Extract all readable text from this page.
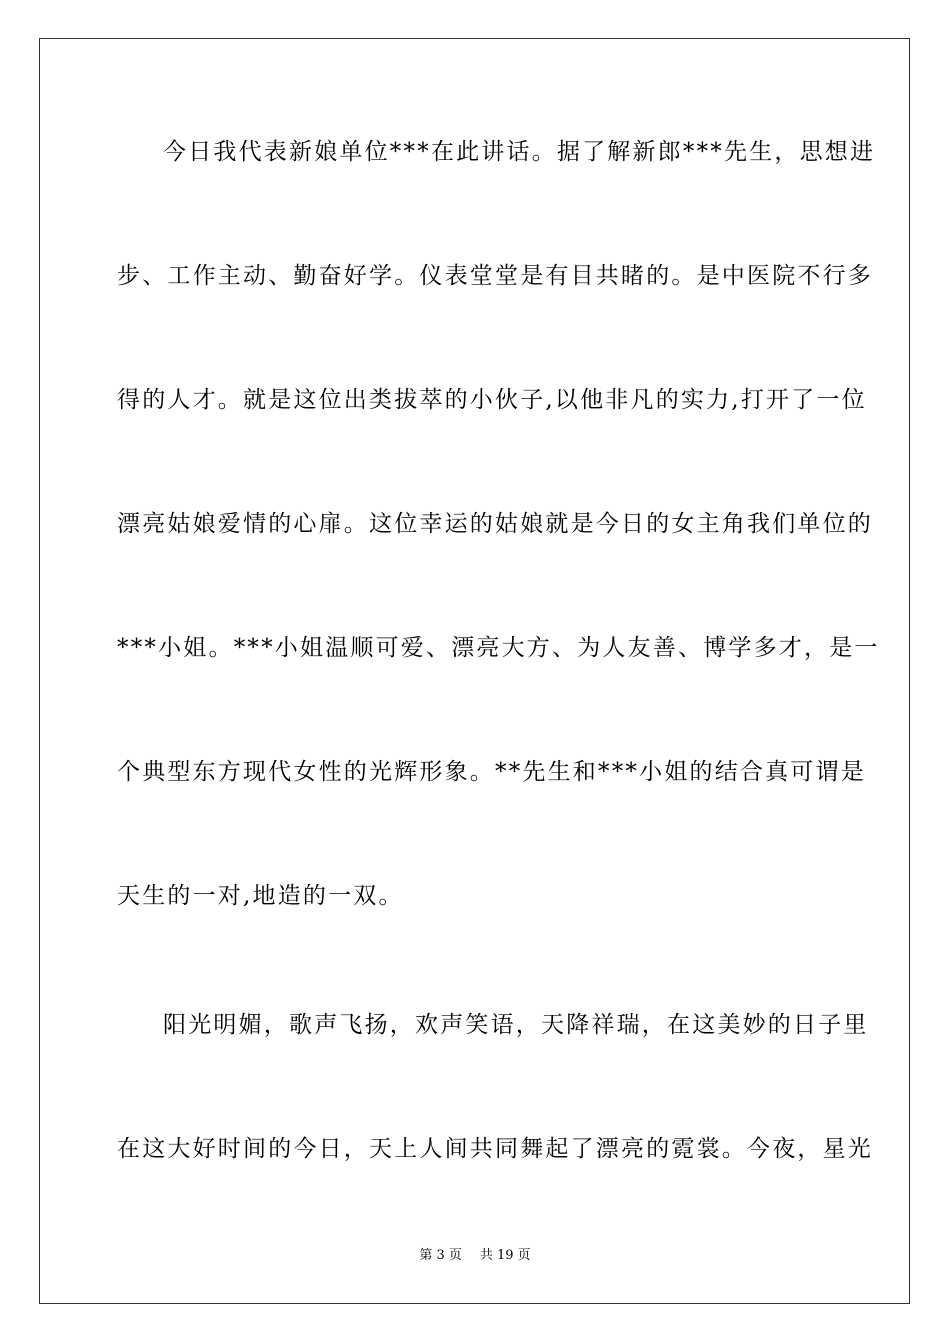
今日我代表新娘单位***在此讲话。据了解新郎***先生，思想进
步、工作主动、勤奋好学。仪表堂堂是有目共睹的。是中医院不行多
得的人才。就是这位出类拔萃的小伙子,以他非凡的实力,打开了一位
漂亮姑娘爱情的心扉。这位幸运的姑娘就是今日的女主角我们单位的
***小姐。***小姐温顺可爱、漂亮大方、为人友善、博学多才，是一
个典型东方现代女性的光辉形象。**先生和***小姐的结合真可谓是
天生的一对,地造的一双。
阳光明媚，歌声飞扬，欢声笑语，天降祥瑞，在这美妙的日子里
在这大好时间的今日，天上人间共同舞起了漂亮的霓裳。今夜，星光
第 3 页 共 19 页
